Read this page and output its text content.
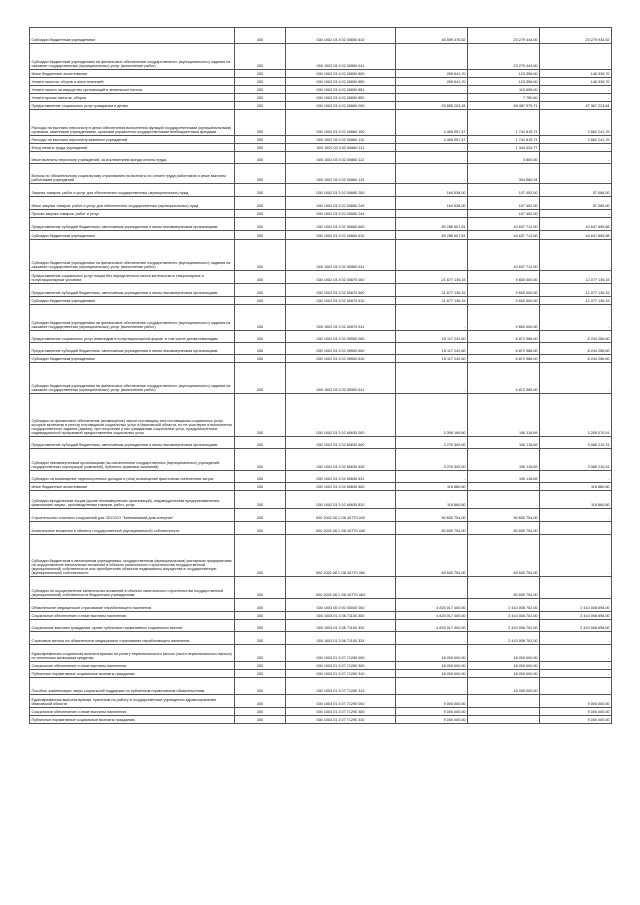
Субсидии бюджетным учреждениям	200	000 1002 03 3 02 00650 610	46 559 375,52	23 279 444,00	23 279 934,52
Субсидии бюджетным учреждениям на финансовое обеспечение государственного (муниципального) задания на оказание государственных (муниципальных) услуг (выполнение работ)	200	000 1002 03 3 02 00650 611	-	23 279 444,00	-
Иные бюджетные ассигнования	200	000 1002 03 3 02 00650 800	269 641,70	123 356,60	146 335,70
Уплата налогов, сборов и иных платежей	200	000 1002 03 3 02 00650 850	269 641,70	123 356,60	146 335,70
Уплата налога на имущество организаций и земельного налога	200	000 1002 03 3 02 00650 851	-	115 606,00	-
Уплата прочих налогов, сборов	200	000 1002 03 3 02 00650 852	-	7 750,60	-
Предоставление социальных услуг гражданам и детям	200	000 1002 03 3 02 00660 000	93 855 203,28	46 487 979,71	47 367 223,64
Расходы на выплаты персоналу в целях обеспечения выполнения функций государственными (муниципальными) органами, казенными учреждениями, органами управления государственными внебюджетными фондами	200	000 1002 03 3 02 00660 100	4 405 057,47	1 742 815,71	2 662 241,76
Расходы на выплаты персоналу казенных учреждений	200	000 1002 03 3 02 00660 110	4 405 057,47	1 742 815,71	2 662 241,76
Фонд оплаты труда учреждений	200	000 1002 03 3 02 00660 111	-	1 344 434,77	-
Иные выплаты персоналу учреждений, за исключением фонда оплаты труда	200	000 1002 03 3 02 00660 112	-	3 800,00	-
Взносы по обязательному социальному страхованию на выплаты по оплате труда работников и иные выплаты работникам учреждений	200	000 1002 03 3 02 00660 119	-	394 580,94	-
Закупка товаров, работ и услуг для обеспечения государственных (муниципальных) нужд	200	000 1002 03 3 02 00660 200	164 538,00	107 452,00	57 086,00
Иные закупки товаров, работ и услуг для обеспечения государственных (муниципальных) нужд	200	000 1002 03 3 02 00660 240	164 538,00	107 452,00	57 086,00
Прочая закупка товаров, работ и услуг	200	000 1002 03 3 02 00660 244	-	107 452,00	-
Предоставление субсидий бюджетным, автономным учреждениям и иным некоммерческим организациям	200	000 1002 03 3 02 00660 600	89 285 607,81	44 637 712,00	44 647 895,88
Субсидии бюджетным учреждениям	200	000 1002 03 3 02 00660 610	89 285 607,81	44 637 712,00	44 647 895,88
Субсидии бюджетным учреждениям на финансовое обеспечение государственного (муниципального) задания на оказание государственных (муниципальных) услуг (выполнение работ)	200	000 1002 03 3 02 00660 611	-	44 637 712,00	-
Предоставление социальных услуг лицам без определенного места жительства в стационарных и полустационарных условиях	200	000 1002 03 3 02 00670 000	21 677 145,15	9 600 000,00	12 077 145,15
Предоставление субсидий бюджетным, автономным учреждениям и иным некоммерческим организациям	200	000 1002 03 3 02 00670 600	21 677 145,15	9 600 000,00	12 077 145,15
Субсидии бюджетным учреждениям	200	000 1002 03 3 02 00670 610	21 677 145,15	9 600 000,00	12 077 145,15
Субсидии бюджетным учреждениям на финансовое обеспечение государственного (муниципального) задания на оказание государственных (муниципальных) услуг (выполнение работ)	200	000 1002 03 3 02 00670 611	-	9 600 000,00	-
Предоставление социальных услуг инвалидам в полустационарной форме, в том числе детям-инвалидам	200	000 1002 03 3 02 05900 000	15 117 242,60	6 872 986,00	8 244 256,60
Предоставление субсидий бюджетным, автономным учреждениям и иным некоммерческим организациям	200	000 1002 03 3 02 05900 600	15 117 242,60	6 872 986,00	8 244 256,60
Субсидии бюджетным учреждениям	200	000 1002 03 3 02 05900 610	15 117 242,60	6 872 986,00	8 244 256,60
Субсидии бюджетным учреждениям на финансовое обеспечение государственного (муниципального) задания на оказание государственных (муниципальных) услуг (выполнение работ)	200	000 1002 03 3 02 05900 611	-	6 872 986,00	-
Субсидия на финансовое обеспечение (возмещение) затрат поставщику или поставщикам социальных услуг, которые включены в реестр поставщиков социальных услуг в Ивановской области, но не участвуют в выполнении государственного задания (заказа), при получении у них гражданами социальных услуг, предусмотренных индивидуальной программой предоставления социальных услуг	200	000 1002 03 3 02 60630 000	3 395 189,60	190 118,69	3 205 070,91
Предоставление субсидий бюджетным, автономным учреждениям и иным некоммерческим организациям	200	000 1002 03 3 02 60630 600	3 276 309,00	190 118,69	3 086 210,31
Субсидии некоммерческим организациям (за исключением государственных (муниципальных) учреждений, государственных корпораций (компаний), публично-правовых компаний)	200	000 1002 03 3 02 60630 630	3 276 309,00	190 118,69	3 086 210,31
Субсидии на возмещение недополученных доходов и (или) возмещение фактически понесенных затрат	200	000 1002 03 3 02 60630 631	-	190 118,69	-
Иные бюджетные ассигнования	200	000 1002 03 3 02 60630 800	118 860,60	-	118 860,60
Субсидии юридическим лицам (кроме некоммерческих организаций), индивидуальным предпринимателям, физическим лицам - производителям товаров, работ, услуг	200	000 1002 03 3 02 60630 810	118 860,60	-	118 860,60
Строительство очистных сооружений для ОБСУСО "Кинешемский дом-интернат"	200	000 1002 08 1 G6 40770 000	50 600 754,00	50 600 754,00	-
Капитальные вложения в объекты государственной (муниципальной) собственности	200	000 1002 08 1 G6 40770 400	50 600 754,00	50 600 754,00	-
Субсидии бюджетным и автономным учреждениям, государственным (муниципальным) унитарным предприятиям на осуществление капитальных вложений в объекты капитального строительства государственной (муниципальной) собственности или приобретение объектов недвижимого имущества в государственную (муниципальную) собственность	200	000 1002 08 1 G6 40770 460	50 600 754,00	50 600 754,00	-
Субсидии на осуществление капитальных вложений в объекты капитального строительства государственной (муниципальной) собственности бюджетным учреждениям	200	000 1002 08 1 G6 40770 464	-	50 600 754,00	-
Обязательное медицинское страхование неработающего населения	200	000 1003 00 0 00 00000 000	4 820 017 400,00	2 410 008 702,00	2 410 008 698,00
Социальное обеспечение и иные выплаты населению	200	000 1003 01 3 06 71100 300	4 820 017 400,00	2 410 008 702,00	2 410 008 698,00
Социальные выплаты гражданам, кроме публичных нормативных социальных выплат	200	000 1003 01 3 06 71100 320	4 820 017 400,00	2 410 008 702,00	2 410 008 698,00
Страховые взносы на обязательное медицинское страхование неработающего населения	200	000 1003 01 3 06 71100 324	-	2 410 008 702,00	-
Единовременная социальная выплата врачам на уплату первоначального взноса (части первоначального взноса) по ипотечным жилищным кредитам	200	000 1003 01 3 07 71280 000	18 000 000,00	18 000 000,00	-
Социальное обеспечение и иные выплаты населению	200	000 1003 01 3 07 71280 300	18 000 000,00	18 000 000,00	-
Публичные нормативные социальные выплаты гражданам	200	000 1003 01 3 07 71280 310	18 000 000,00	18 000 000,00	-
Пособия, компенсации, меры социальной поддержки по публичным нормативным обязательствам	200	000 1003 01 3 07 71280 313	-	18 000 000,00	-
Единовременная выплата врачам, принятым на работу в государственные учреждения здравоохранения Ивановской области	200	000 1003 01 3 07 71290 000	9 000 000,00	-	9 000 000,00
Социальное обеспечение и иные выплаты населению	200	000 1003 01 3 07 71290 300	9 000 000,00	-	9 000 000,00
Публичные нормативные социальные выплаты гражданам	200	000 1003 01 3 07 71290 310	9 000 000,00	-	9 000 000,00
